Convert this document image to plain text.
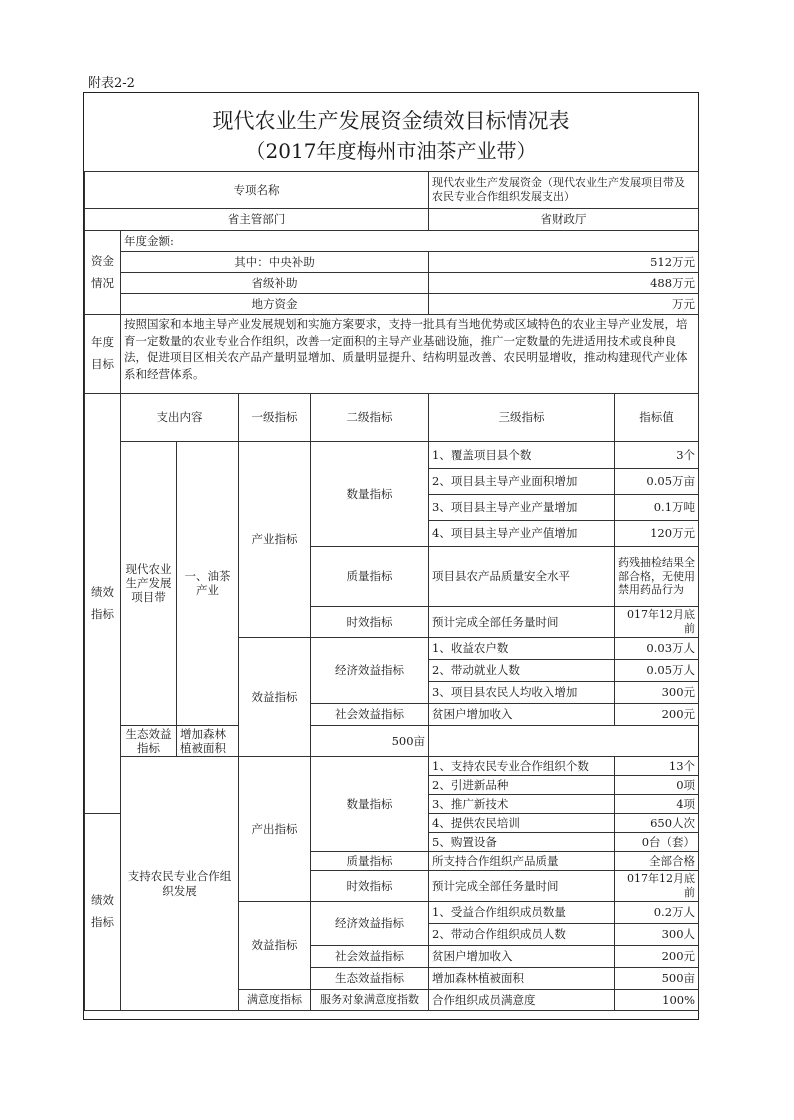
附表2-2
现代农业生产发展资金绩效目标情况表
（2017年度梅州市油茶产业带）
专项名称					现代农业生产发展资金（现代农业生产发展项目带及农民专业合作组织发展支出）	
省主管部门					省财政厅	
资金情况	年度金额:					
	其中：中央补助				512万元	
	省级补助				488万元	
	地方资金				万元	
年度目标	按照国家和本地主导产业发展规划和实施方案要求，支持一批具有当地优势或区域特色的农业主导产业发展，培育一定数量的农业专业合作组织，改善一定面积的主导产业基础设施，推广一定数量的先进适用技术或良种良法，促进项目区相关农产品产量明显增加、质量明显提升、结构明显改善、农民明显增收，推动构建现代产业体系和经营体系。					
绩效指标	支出内容		一级指标	二级指标	三级指标	指标值
	现代农业生产发展项目带	一、油茶产业	产业指标	数量指标	1、覆盖项目县个数	3个
					2、项目县主导产业面积增加	0.05万亩
					3、项目县主导产业产量增加	0.1万吨
					4、项目县主导产业产值增加	120万元
				质量指标	项目县农产品质量安全水平	药残抽检结果全部合格，无使用禁用药品行为
				时效指标	预计完成全部任务量时间	017年12月底前
			效益指标	经济效益指标	1、收益农户数	0.03万人
					2、带动就业人数	0.05万人
					3、项目县农民人均收入增加	300元
				社会效益指标	贫困户增加收入	200元
	生态效益指标	增加森林植被面积		500亩		
	支持农民专业合作组织发展		产出指标	数量指标	1、支持农民专业合作组织个数	13个
					2、引进新品种	0项
					3、推广新技术	4项
绩效指标					4、提供农民培训	650人次
					5、购置设备	0台（套）
				质量指标	所支持合作组织产品质量	全部合格
				时效指标	预计完成全部任务量时间	017年12月底前
			效益指标	经济效益指标	1、受益合作组织成员数量	0.2万人
					2、带动合作组织成员人数	300人
				社会效益指标	贫困户增加收入	200元
				生态效益指标	增加森林植被面积	500亩
			满意度指标	服务对象满意度指数	合作组织成员满意度	100%
